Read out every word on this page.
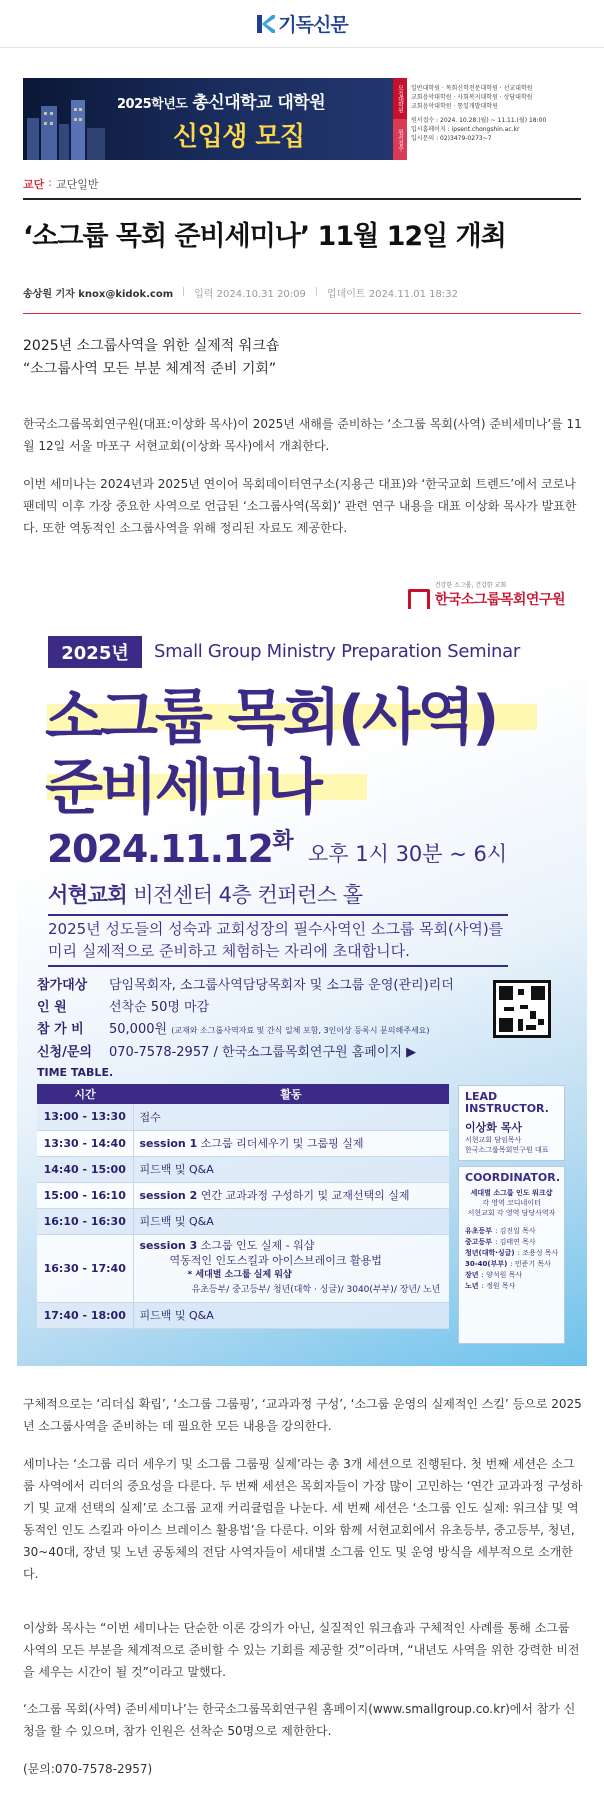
기독신문
2025학년도 총신대학교 대학원
신입생 모집
모집대학원
원서접수
일반대학원 · 목회신학전문대학원 · 선교대학원
교회음악대학원 · 사회복지대학원 · 상담대학원
교회음악대학원 · 통일개발대학원
원서접수 : 2024. 10.28.(월) ~ 11.11.(월) 18:00
입시홈페이지 : ipsent.chongshin.ac.kr
입시문의 : 02)3479-0273~7
교단 : 교단일반
‘소그룹 목회 준비세미나’ 11월 12일 개최
송상원 기자 knox@kidok.com 입력 2024.10.31 20:09 업데이트 2024.11.01 18:32
2025년 소그룹사역을 위한 실제적 워크숍
“소그룹사역 모든 부분 체계적 준비 기회”

한국소그룹목회연구원(대표:이상화 목사)이 2025년 새해를 준비하는 ‘소그룹 목회(사역) 준비세미나’를 11월 12일 서울 마포구 서현교회(이상화 목사)에서 개최한다.

이번 세미나는 2024년과 2025년 연이어 목회데이터연구소(지용근 대표)와 ‘한국교회 트렌드’에서 코로나 팬데믹 이후 가장 중요한 사역으로 언급된 ‘소그룹사역(목회)’ 관련 연구 내용을 대표 이상화 목사가 발표한다. 또한 역동적인 소그룹사역을 위해 정리된 자료도 제공한다.

건강한 소그룹, 건강한 교회
한국소그룹목회연구원
2025년	Small Group Ministry Preparation Seminar
소그룹 목회(사역)
준비세미나
$2024.11.12^화$ 오후 1시 30분 ~ 6시
서현교회 비전센터 4층 컨퍼런스 홀
2025년 성도들의 성숙과 교회성장의 필수사역인 소그룹 목회(사역)를
미리 실제적으로 준비하고 체험하는 자리에 초대합니다.
참가대상	담임목회자, 소그룹사역담당목회자 및 소그룹 운영(관리)리더
인 원	선착순 50명 마감
참 가 비	50,000원 (교재와 소그룹사역자료 및 간식 일체 포함, 3인이상 등록시 문의해주세요)
신청/문의	070-7578-2957 / 한국소그룹목회연구원 홈페이지 ▶
TIME TABLE.
시간	활동
13:00 - 13:30	접수
13:30 - 14:40	session 1 소그룹 리더세우기 및 그룹핑 실제
14:40 - 15:00	피드백 및 Q&A
15:00 - 16:10	session 2 연간 교과과정 구성하기 및 교재선택의 실제
16:10 - 16:30	피드백 및 Q&A
16:30 - 17:40	session 3 소그룹 인도 실제 - 워샵
역동적인 인도스킬과 아이스브레이크 활용법
* 세대별 소그룹 실제 워샵
유초등부/ 중고등부/ 청년(대학 · 싱글)/ 3040(부부)/ 장년/ 노년

17:40 - 18:00	피드백 및 Q&A
LEAD
INSTRUCTOR.
이상화 목사
서현교회 담임목사
한국소그룹목회연구원 대표
COORDINATOR.
세대별 소그룹 인도 워크샵
각 영역 코디네이터
서현교회 각 영역 담당사역자
유초등부 : 김진일 목사
중고등부 : 김태연 목사
청년(대학·싱글) : 조용성 목사
30-40(부부) : 민준기 목사
장년 : 양석원 목사
노년 : 정원 목사

구체적으로는 ‘리더십 확립’, ‘소그룹 그룹핑’, ‘교과과정 구성’, ‘소그룹 운영의 실제적인 스킬’ 등으로 2025년 소그룹사역을 준비하는 데 필요한 모든 내용을 강의한다.

세미나는 ‘소그룹 리더 세우기 및 소그룹 그룹핑 실제’라는 총 3개 세션으로 진행된다. 첫 번째 세션은 소그룹 사역에서 리더의 중요성을 다룬다. 두 번째 세션은 목회자들이 가장 많이 고민하는 ‘연간 교과과정 구성하기 및 교재 선택의 실제’로 소그룹 교재 커리큘럼을 나눈다. 세 번째 세션은 ‘소그룹 인도 실제: 워크샵 및 역동적인 인도 스킬과 아이스 브레이스 활용법’을 다룬다. 이와 함께 서현교회에서 유초등부, 중고등부, 청년, 30~40대, 장년 및 노년 공동체의 전담 사역자들이 세대별 소그룹 인도 및 운영 방식을 세부적으로 소개한다.

이상화 목사는 “이번 세미나는 단순한 이론 강의가 아닌, 실질적인 워크숍과 구체적인 사례를 통해 소그룹 사역의 모든 부분을 체계적으로 준비할 수 있는 기회를 제공할 것”이라며, “내년도 사역을 위한 강력한 비전을 세우는 시간이 될 것”이라고 말했다.

‘소그룹 목회(사역) 준비세미나’는 한국소그룹목회연구원 홈페이지(www.smallgroup.co.kr)에서 참가 신청을 할 수 있으며, 참가 인원은 선착순 50명으로 제한한다.

(문의:070-7578-2957)
